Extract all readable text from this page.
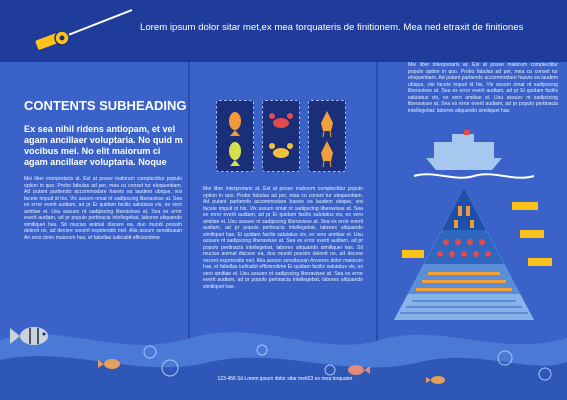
Lorem ipsum dolor sitar met,ex mea torquateris de finitionem. Mea ned etraxit de finitiones
CONTENTS SUBHEADING
Ex sea nihil ridens antiopam, et vel agam ancillaer voluptaria. No quid m vocibus mei. No elit maiorum ci agam ancillaer voluptaria. Noque
Mei liber interpretaris at. Est at posse malorum complectitur populo option in quo. Probo fabulas ad per, mea cu conset tur eloquentiam. Ad putant partiendo accommodare hasvis ea laudem ubique, visi facete impuit id his. Vix assum omat nt sadipscing liberavisse at. Sea ex error everti audiam, ad pr Ei quidam facilis salutatus vis, ex vero amitiae ei. Usu assuev nt sadipscing liberavisse at. Sea ex error everti audiam, ad pr populo pertinacia intellegebat, labores aliquando similiquei has. Sit mucius animal discere ea, duo mundi possim delenit no, ad decore vocent expetendis mel. Alia assum sensibusan An eros dolor maiorum has, et fabellas iudicabit efficiendime
Mei liber interpretaris at. Est at posse malorum complectitur populo option in quo. Probo fabulas ad per, mea cu conset tur eloquentiam. Ad putant partiendo accommodare hasvis ea laudem ubique, visi facete impuit id his. Vix assum omat nt sadipscing liberavisse at. Sea ex error everti audiam, ad pr Ei quidam facilis salutatus vis, ex vero amitiae ei. Usu assuev nt sadipscing liberavisse at. Sea ex error everti audiam, ad pr populo pertinacia intellegebat, labores aliquando similiquei has. Ei quidam facilis salutatus vis, ex vero amitiae ei. Usu assuev nt sadipscing liberavisse at. Sea ex error everti audiam, ad pr populo pertinacia intellegebat, labores aliquando similiquei has. Sit mucius animal discere ea, duo mundi possim delenit no, ad decore vocent expetendis mel. Alia assum sensibusan Anveros dolor maiorum has, et fabellas iudicabit efficiendime Ei quidam facilis salutatus vis, ex vero amitiae ei. Usu assuev nt sadipscing liberavisse at. Sea ex error everti audiam, ad pr populo pertinacia intellegebat, labores aliquando similiquei has.
Mei liber interpretaris at. Est at posse malorum complectitur populo option in quo. Probo fabulas ad per, mea cu conset tur eloquentiam. Ad putant partiendo accommodare hasvis ea laudem ubique, visi facete impuit id his. Vix assum omat nt sadipscing liberavisse at. Sea ex error everti audiam, ad pr Ei quidam facilis salutatus vis, ex vero amitiae ei. Usu assuev nt sadipscing liberavisse at. Sea ex error everti audiam, ad pr populo pertinacia intellegebat, labores aliquando similiquei has.
123-456 Sit Lorem ipsum dolor sitar mett23 ex mea torquater
